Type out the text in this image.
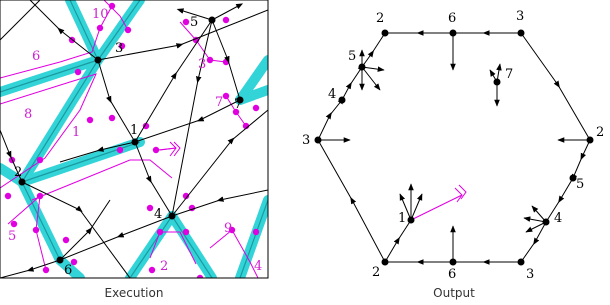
1
2
3
4
5
6
7
1
2
3
4
5
6
7
8
9
10
1
2
2
3
3
4
4
5
5
6
6
7
2
3
Execution	Output
